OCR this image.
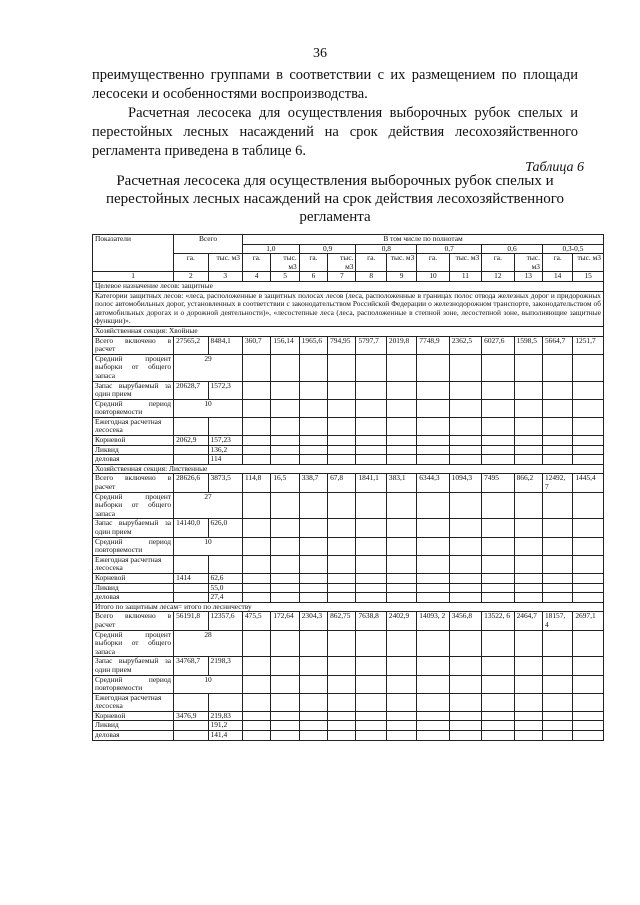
36
преимущественно группами в соответствии с их размещением по площади лесосеки и особенностями воспроизводства.
Расчетная лесосека для осуществления выборочных рубок спелых и перестойных лесных насаждений на срок действия лесохозяйственного регламента приведена в таблице 6.
Таблица 6
Расчетная лесосека для осуществления выборочных рубок спелых и перестойных лесных насаждений на срок действия лесохозяйственного регламента
Показатели	Всего		В том числе по полнотам											
			1,0		0,9		0,8		0,7		0,6		0,3-0,5	
	га.	тыс. м3	га.	тыс. м3	га.	тыс. м3	га.	тыс. м3	га.	тыс. м3	га.	тыс. м3	га.	тыс. м3
1	2	3	4	5	6	7	8	9	10	11	12	13	14	15
Целевое назначение лесов: защитные														
Категории защитных лесов: «леса, расположенные в защитных полосах лесов (леса, расположенные в границах полос отвода железных дорог и придорожных полос автомобильных дорог, установленных в соответствии с законодательством Российской Федерации о железнодорожном транспорте, законодательством об автомобильных дорогах и о дорожной деятельности)», «лесостепные леса (леса, расположенные в степной зоне, лесостепной зоне, выполняющие защитные функции)».														
Хозяйственная секция: Хвойные														
Всего включено в расчет	27565,2	8484,1	360,7	156,14	1965,6	794,95	5797,7	2019,8	7748,9	2362,5	6027,6	1598,5	5664,7	1251,7
Средний процент выборки от общего запаса	29													
Запас вырубаемый за один прием	20628,7	1572,3												
Средний период повторяемости	10													
Ежегодная расчетная лесосека														
Корневой	2062,9	157,23												
Ликвид		136,2												
деловая		114												
Хозяйственная секция: Лиственные														
Всего включено в расчет	28626,6	3873,5	114,8	16,5	338,7	67,8	1841,1	383,1	6344,3	1094,3	7495	866,2	12492, 7	1445,4
Средний процент выборки от общего запаса	27													
Запас вырубаемый за один прием	14140,0	626,0												
Средний период повторяемости	10													
Ежегодная расчетная лесосека														
Корневой	1414	62,6												
Ликвид		55,0												
деловая		27,4												
Итого по защитным лесам= итого по лесничеству														
Всего включено в расчет	56191,8	12357,6	475,5	172,64	2304,3	862,75	7638,8	2402,9	14093, 2	3456,8	13522, 6	2464,7	18157, 4	2697,1
Средний процент выборки от общего запаса	28													
Запас вырубаемый за один прием	34768,7	2198,3												
Средний период повторяемости	10													
Ежегодная расчетная лесосека														
Корневой	3476,9	219,83												
Ликвид		191,2												
деловая		141,4												
